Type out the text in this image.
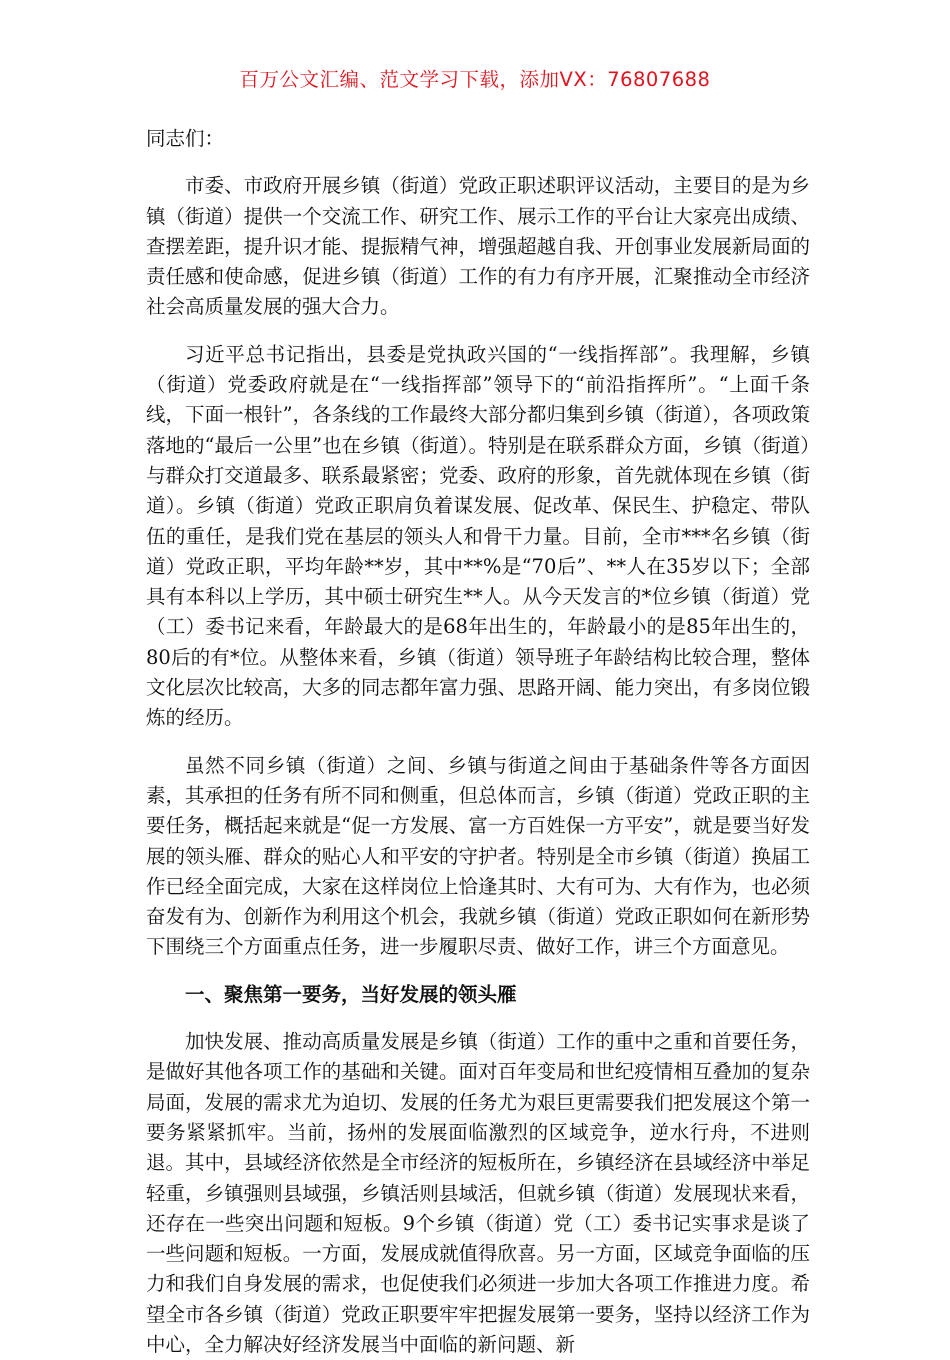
百万公文汇编、范文学习下载，添加VX：76807688

同志们：

市委、市政府开展乡镇（街道）党政正职述职评议活动，主要目的是为乡镇（街道）提供一个交流工作、研究工作、展示工作的平台让大家亮出成绩、查摆差距，提升识才能、提振精气神，增强超越自我、开创事业发展新局面的责任感和使命感，促进乡镇（街道）工作的有力有序开展，汇聚推动全市经济社会高质量发展的强大合力。

习近平总书记指出，县委是党执政兴国的“一线指挥部”。我理解，乡镇（街道）党委政府就是在“一线指挥部”领导下的“前沿指挥所”。“上面千条线，下面一根针”，各条线的工作最终大部分都归集到乡镇（街道），各项政策落地的“最后一公里”也在乡镇（街道）。特别是在联系群众方面，乡镇（街道）与群众打交道最多、联系最紧密；党委、政府的形象，首先就体现在乡镇（街道）。乡镇（街道）党政正职肩负着谋发展、促改革、保民生、护稳定、带队伍的重任，是我们党在基层的领头人和骨干力量。目前，全市***名乡镇（街道）党政正职，平均年龄**岁，其中**%是“70后”、**人在35岁以下；全部具有本科以上学历，其中硕士研究生**人。从今天发言的*位乡镇（街道）党（工）委书记来看，年龄最大的是68年出生的，年龄最小的是85年出生的，80后的有*位。从整体来看，乡镇（街道）领导班子年龄结构比较合理，整体文化层次比较高，大多的同志都年富力强、思路开阔、能力突出，有多岗位锻炼的经历。

虽然不同乡镇（街道）之间、乡镇与街道之间由于基础条件等各方面因素，其承担的任务有所不同和侧重，但总体而言，乡镇（街道）党政正职的主要任务，概括起来就是“促一方发展、富一方百姓保一方平安”，就是要当好发展的领头雁、群众的贴心人和平安的守护者。特别是全市乡镇（街道）换届工作已经全面完成，大家在这样岗位上恰逢其时、大有可为、大有作为，也必须奋发有为、创新作为利用这个机会，我就乡镇（街道）党政正职如何在新形势下围绕三个方面重点任务，进一步履职尽责、做好工作，讲三个方面意见。

一、聚焦第一要务，当好发展的领头雁

加快发展、推动高质量发展是乡镇（街道）工作的重中之重和首要任务，是做好其他各项工作的基础和关键。面对百年变局和世纪疫情相互叠加的复杂局面，发展的需求尤为迫切、发展的任务尤为艰巨更需要我们把发展这个第一要务紧紧抓牢。当前，扬州的发展面临激烈的区域竞争，逆水行舟，不进则退。其中，县域经济依然是全市经济的短板所在，乡镇经济在县域经济中举足轻重，乡镇强则县域强，乡镇活则县域活，但就乡镇（街道）发展现状来看，还存在一些突出问题和短板。9个乡镇（街道）党（工）委书记实事求是谈了一些问题和短板。一方面，发展成就值得欣喜。另一方面，区域竞争面临的压力和我们自身发展的需求，也促使我们必须进一步加大各项工作推进力度。希望全市各乡镇（街道）党政正职要牢牢把握发展第一要务，坚持以经济工作为中心，全力解决好经济发展当中面临的新问题、新
